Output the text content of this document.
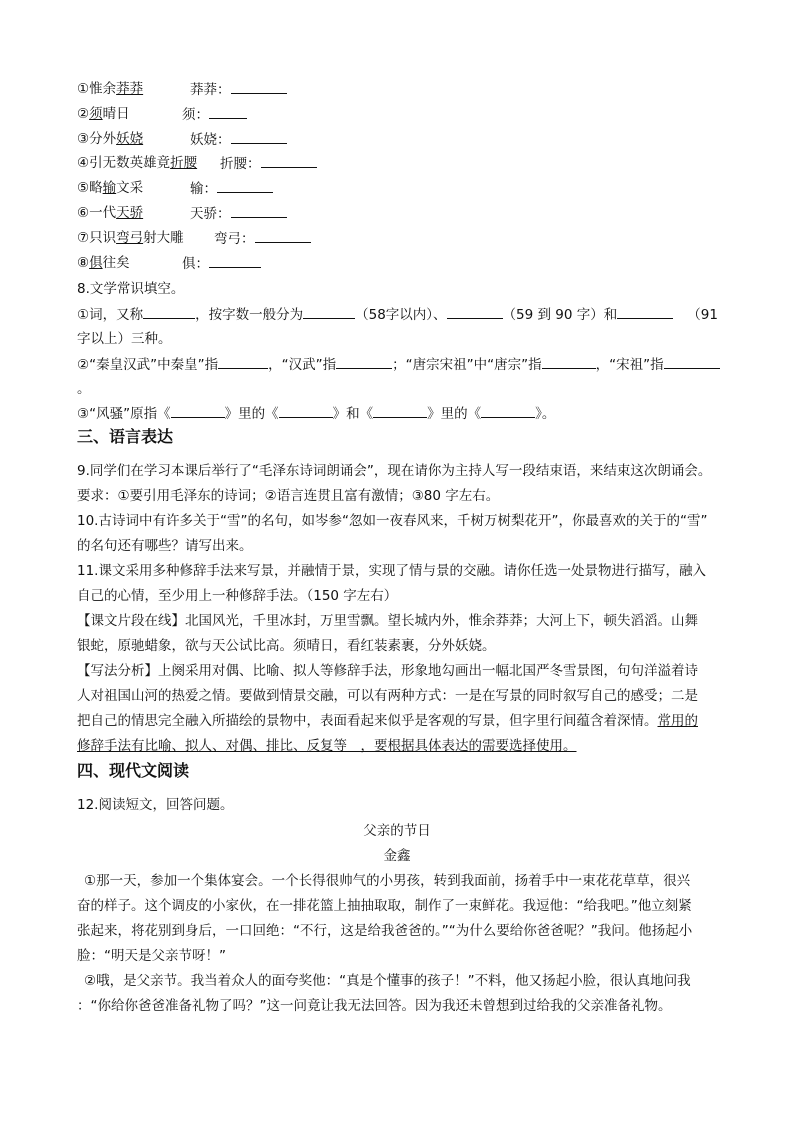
①惟余莽莽	莽莽：
②须晴日	须：
③分外妖娆	妖娆：
④引无数英雄竟折腰 折腰：
⑤略输文采	输：
⑥一代天骄	天骄：
⑦只识弯弓射大雕 弯弓：
⑧俱往矣	俱：
8.文学常识填空。
①词，又称	，按字数一般分为	（58字以内）、	（59 到 90 字）和	（91
字以上）三种。
②“秦皇汉武”中秦皇”指	，“汉武”指	；“唐宗宋祖”中“唐宗”指	，“宋祖”指
。
③“风骚”原指《	》里的《	》和《	》里的《	》。
三、语言表达
9.同学们在学习本课后举行了“毛泽东诗词朗诵会”，现在请你为主持人写一段结束语，来结束这次朗诵会。
要求：①要引用毛泽东的诗词；②语言连贯且富有激情；③80 字左右。
10.古诗词中有许多关于“雪”的名句，如岑参“忽如一夜春风来，千树万树梨花开”，你最喜欢的关于的“雪”
的名句还有哪些？请写出来。
11.课文采用多种修辞手法来写景，并融情于景，实现了情与景的交融。请你任选一处景物进行描写，融入
自己的心情，至少用上一种修辞手法。（150 字左右）
【课文片段在线】北国风光，千里冰封，万里雪飘。望长城内外，惟余莽莽；大河上下，顿失滔滔。山舞
银蛇，原驰蜡象，欲与天公试比高。须晴日，看红装素裹，分外妖娆。
【写法分析】上阕采用对偶、比喻、拟人等修辞手法，形象地勾画出一幅北国严冬雪景图，句句洋溢着诗
人对祖国山河的热爱之情。要做到情景交融，可以有两种方式：一是在写景的同时叙写自己的感受；二是
把自己的情思完全融入所描绘的景物中，表面看起来似乎是客观的写景，但字里行间蕴含着深情。常用的
修辞手法有比喻、拟人、对偶、排比、反复等　，要根据具体表达的需要选择使用。
四、现代文阅读
12.阅读短文，回答问题。
父亲的节日
金鑫
①那一天，参加一个集体宴会。一个长得很帅气的小男孩，转到我面前，扬着手中一束花花草草，很兴
奋的样子。这个调皮的小家伙，在一排花篮上抽抽取取，制作了一束鲜花。我逗他：“给我吧。”他立刻紧
张起来，将花别到身后，一口回绝：“不行，这是给我爸爸的。”“为什么要给你爸爸呢？”我问。他扬起小
脸：“明天是父亲节呀！”
②哦，是父亲节。我当着众人的面夸奖他：“真是个懂事的孩子！”不料，他又扬起小脸，很认真地问我
：“你给你爸爸准备礼物了吗？”这一问竟让我无法回答。因为我还未曾想到过给我的父亲准备礼物。
